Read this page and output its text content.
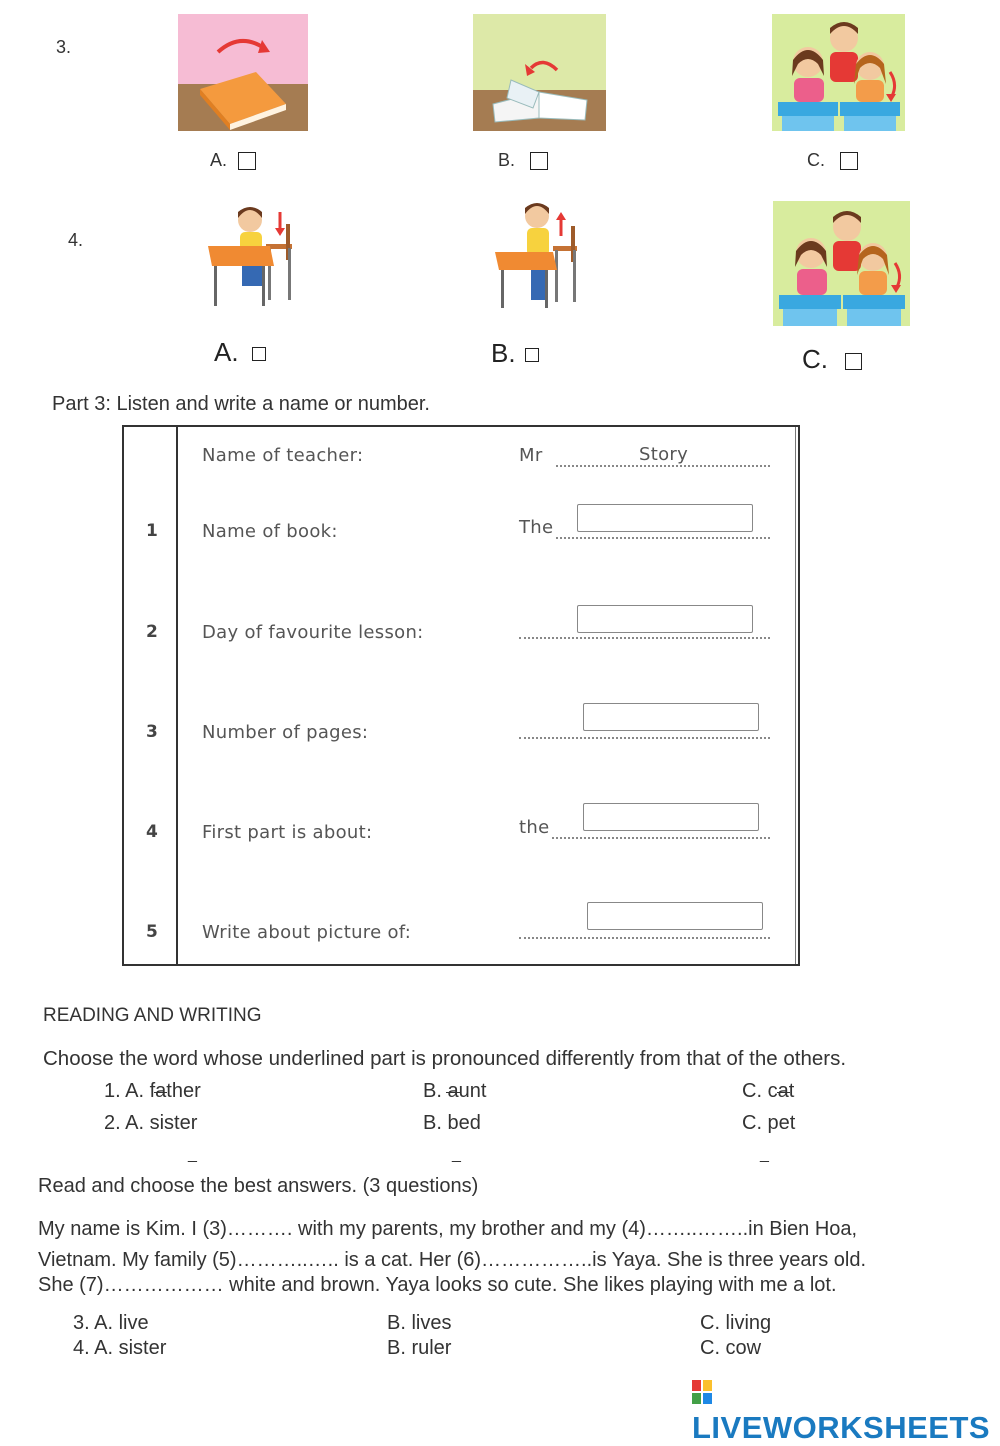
3.
A.	B.	C.
4.
A.	B.	C.
Part 3: Listen and write a name or number.
Name of teacher:	Mr	Story
1 Name of book:	The
2 Day of favourite lesson:
3 Number of pages:
4 First part is about:	the
5 Write about picture of:
READING AND WRITING
Choose the word whose underlined part is pronounced differently from that of the others.
1. A. father	B. aunt	C. cat
2. A. sister	B. bed	C. pet
_	_	_
Read and choose the best answers. (3 questions)
My name is Kim. I (3)………. with my parents, my brother and my (4)……..……..in Bien Hoa,
Vietnam. My family (5)………..….. is a cat. Her (6)……………..is Yaya. She is three years old.
She (7)……………… white and brown. Yaya looks so cute. She likes playing with me a lot.
3. A. live	B. lives	C. living
4. A. sister	B. ruler	C. cow
LIVEWORKSHEETS
